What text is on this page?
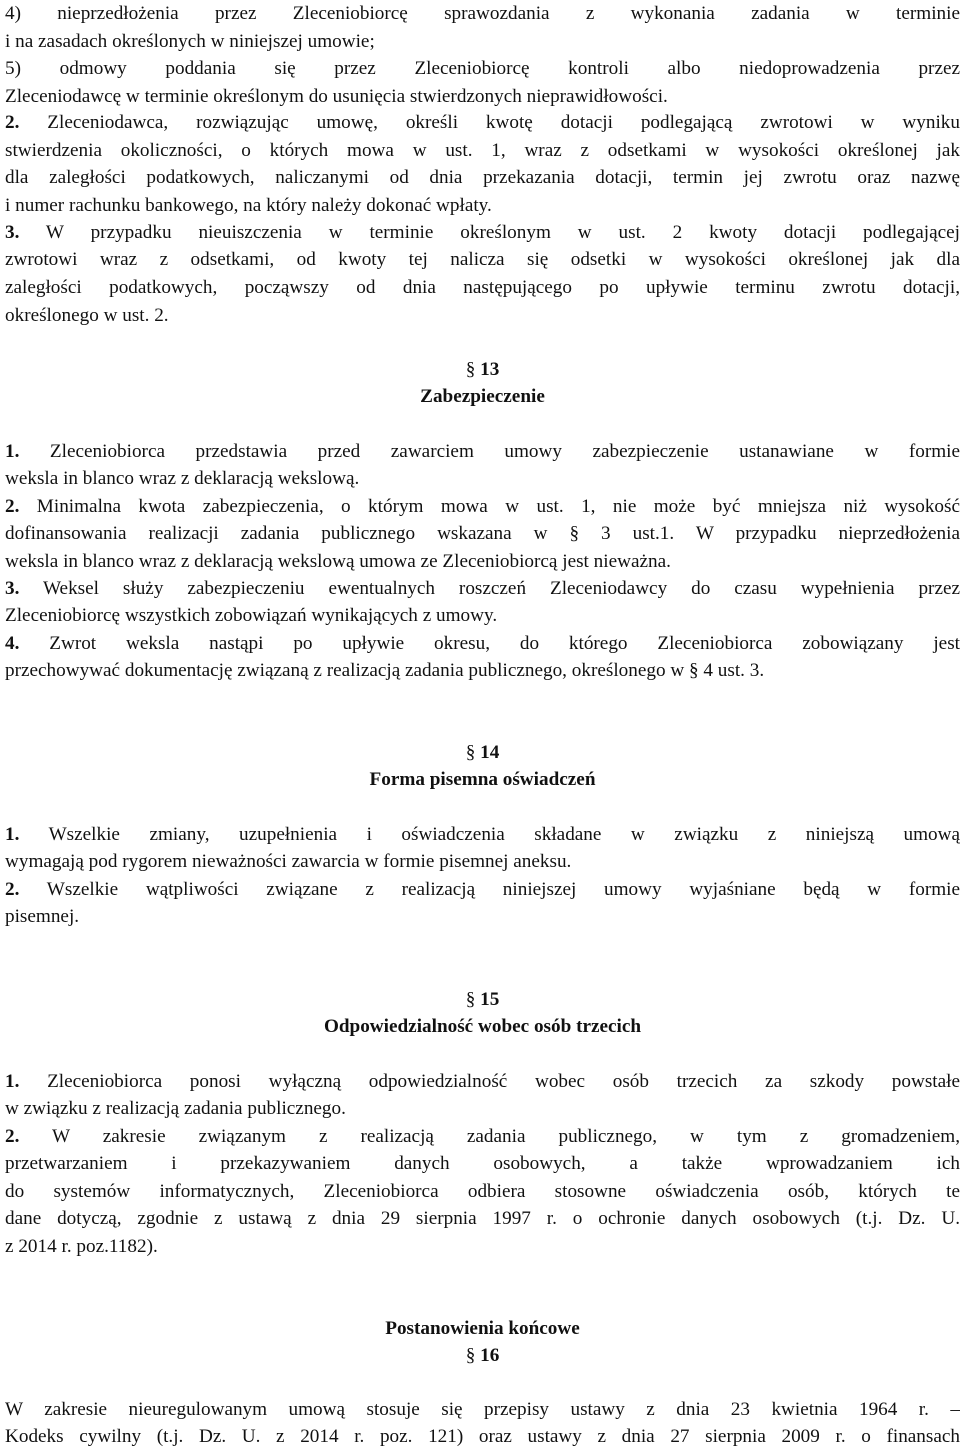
4) nieprzedłożenia przez Zleceniobiorcę sprawozdania z wykonania zadania w terminie
i na zasadach określonych w niniejszej umowie;
5) odmowy poddania się przez Zleceniobiorcę kontroli albo niedoprowadzenia przez
Zleceniodawcę w terminie określonym do usunięcia stwierdzonych nieprawidłowości.
2. Zleceniodawca, rozwiązując umowę, określi kwotę dotacji podlegającą zwrotowi w wyniku
stwierdzenia okoliczności, o których mowa w ust. 1, wraz z odsetkami w wysokości określonej jak
dla zaległości podatkowych, naliczanymi od dnia przekazania dotacji, termin jej zwrotu oraz nazwę
i numer rachunku bankowego, na który należy dokonać wpłaty.
3. W przypadku nieuiszczenia w terminie określonym w ust. 2 kwoty dotacji podlegającej
zwrotowi wraz z odsetkami, od kwoty tej nalicza się odsetki w wysokości określonej jak dla
zaległości podatkowych, począwszy od dnia następującego po upływie terminu zwrotu dotacji,
określonego w ust. 2.
§ 13
Zabezpieczenie
1. Zleceniobiorca przedstawia przed zawarciem umowy zabezpieczenie ustanawiane w formie
weksla in blanco wraz z deklaracją wekslową.
2. Minimalna kwota zabezpieczenia, o którym mowa w ust. 1, nie może być mniejsza niż wysokość
dofinansowania realizacji zadania publicznego wskazana w § 3 ust.1. W przypadku nieprzedłożenia
weksla in blanco wraz z deklaracją wekslową umowa ze Zleceniobiorcą jest nieważna.
3. Weksel służy zabezpieczeniu ewentualnych roszczeń Zleceniodawcy do czasu wypełnienia przez
Zleceniobiorcę wszystkich zobowiązań wynikających z umowy.
4. Zwrot weksla nastąpi po upływie okresu, do którego Zleceniobiorca zobowiązany jest
przechowywać dokumentację związaną z realizacją zadania publicznego, określonego w § 4 ust. 3.
§ 14
Forma pisemna oświadczeń
1. Wszelkie zmiany, uzupełnienia i oświadczenia składane w związku z niniejszą umową
wymagają pod rygorem nieważności zawarcia w formie pisemnej aneksu.
2. Wszelkie wątpliwości związane z realizacją niniejszej umowy wyjaśniane będą w formie
pisemnej.
§ 15
Odpowiedzialność wobec osób trzecich
1. Zleceniobiorca ponosi wyłączną odpowiedzialność wobec osób trzecich za szkody powstałe
w związku z realizacją zadania publicznego.
2. W zakresie związanym z realizacją zadania publicznego, w tym z gromadzeniem,
przetwarzaniem i przekazywaniem danych osobowych, a także wprowadzaniem ich
do systemów informatycznych, Zleceniobiorca odbiera stosowne oświadczenia osób, których te
dane dotyczą, zgodnie z ustawą z dnia 29 sierpnia 1997 r. o ochronie danych osobowych (t.j. Dz. U.
z 2014 r. poz.1182).
Postanowienia końcowe
§ 16
W zakresie nieuregulowanym umową stosuje się przepisy ustawy z dnia 23 kwietnia 1964 r. –
Kodeks cywilny (t.j. Dz. U. z 2014 r. poz. 121) oraz ustawy z dnia 27 sierpnia 2009 r. o finansach
